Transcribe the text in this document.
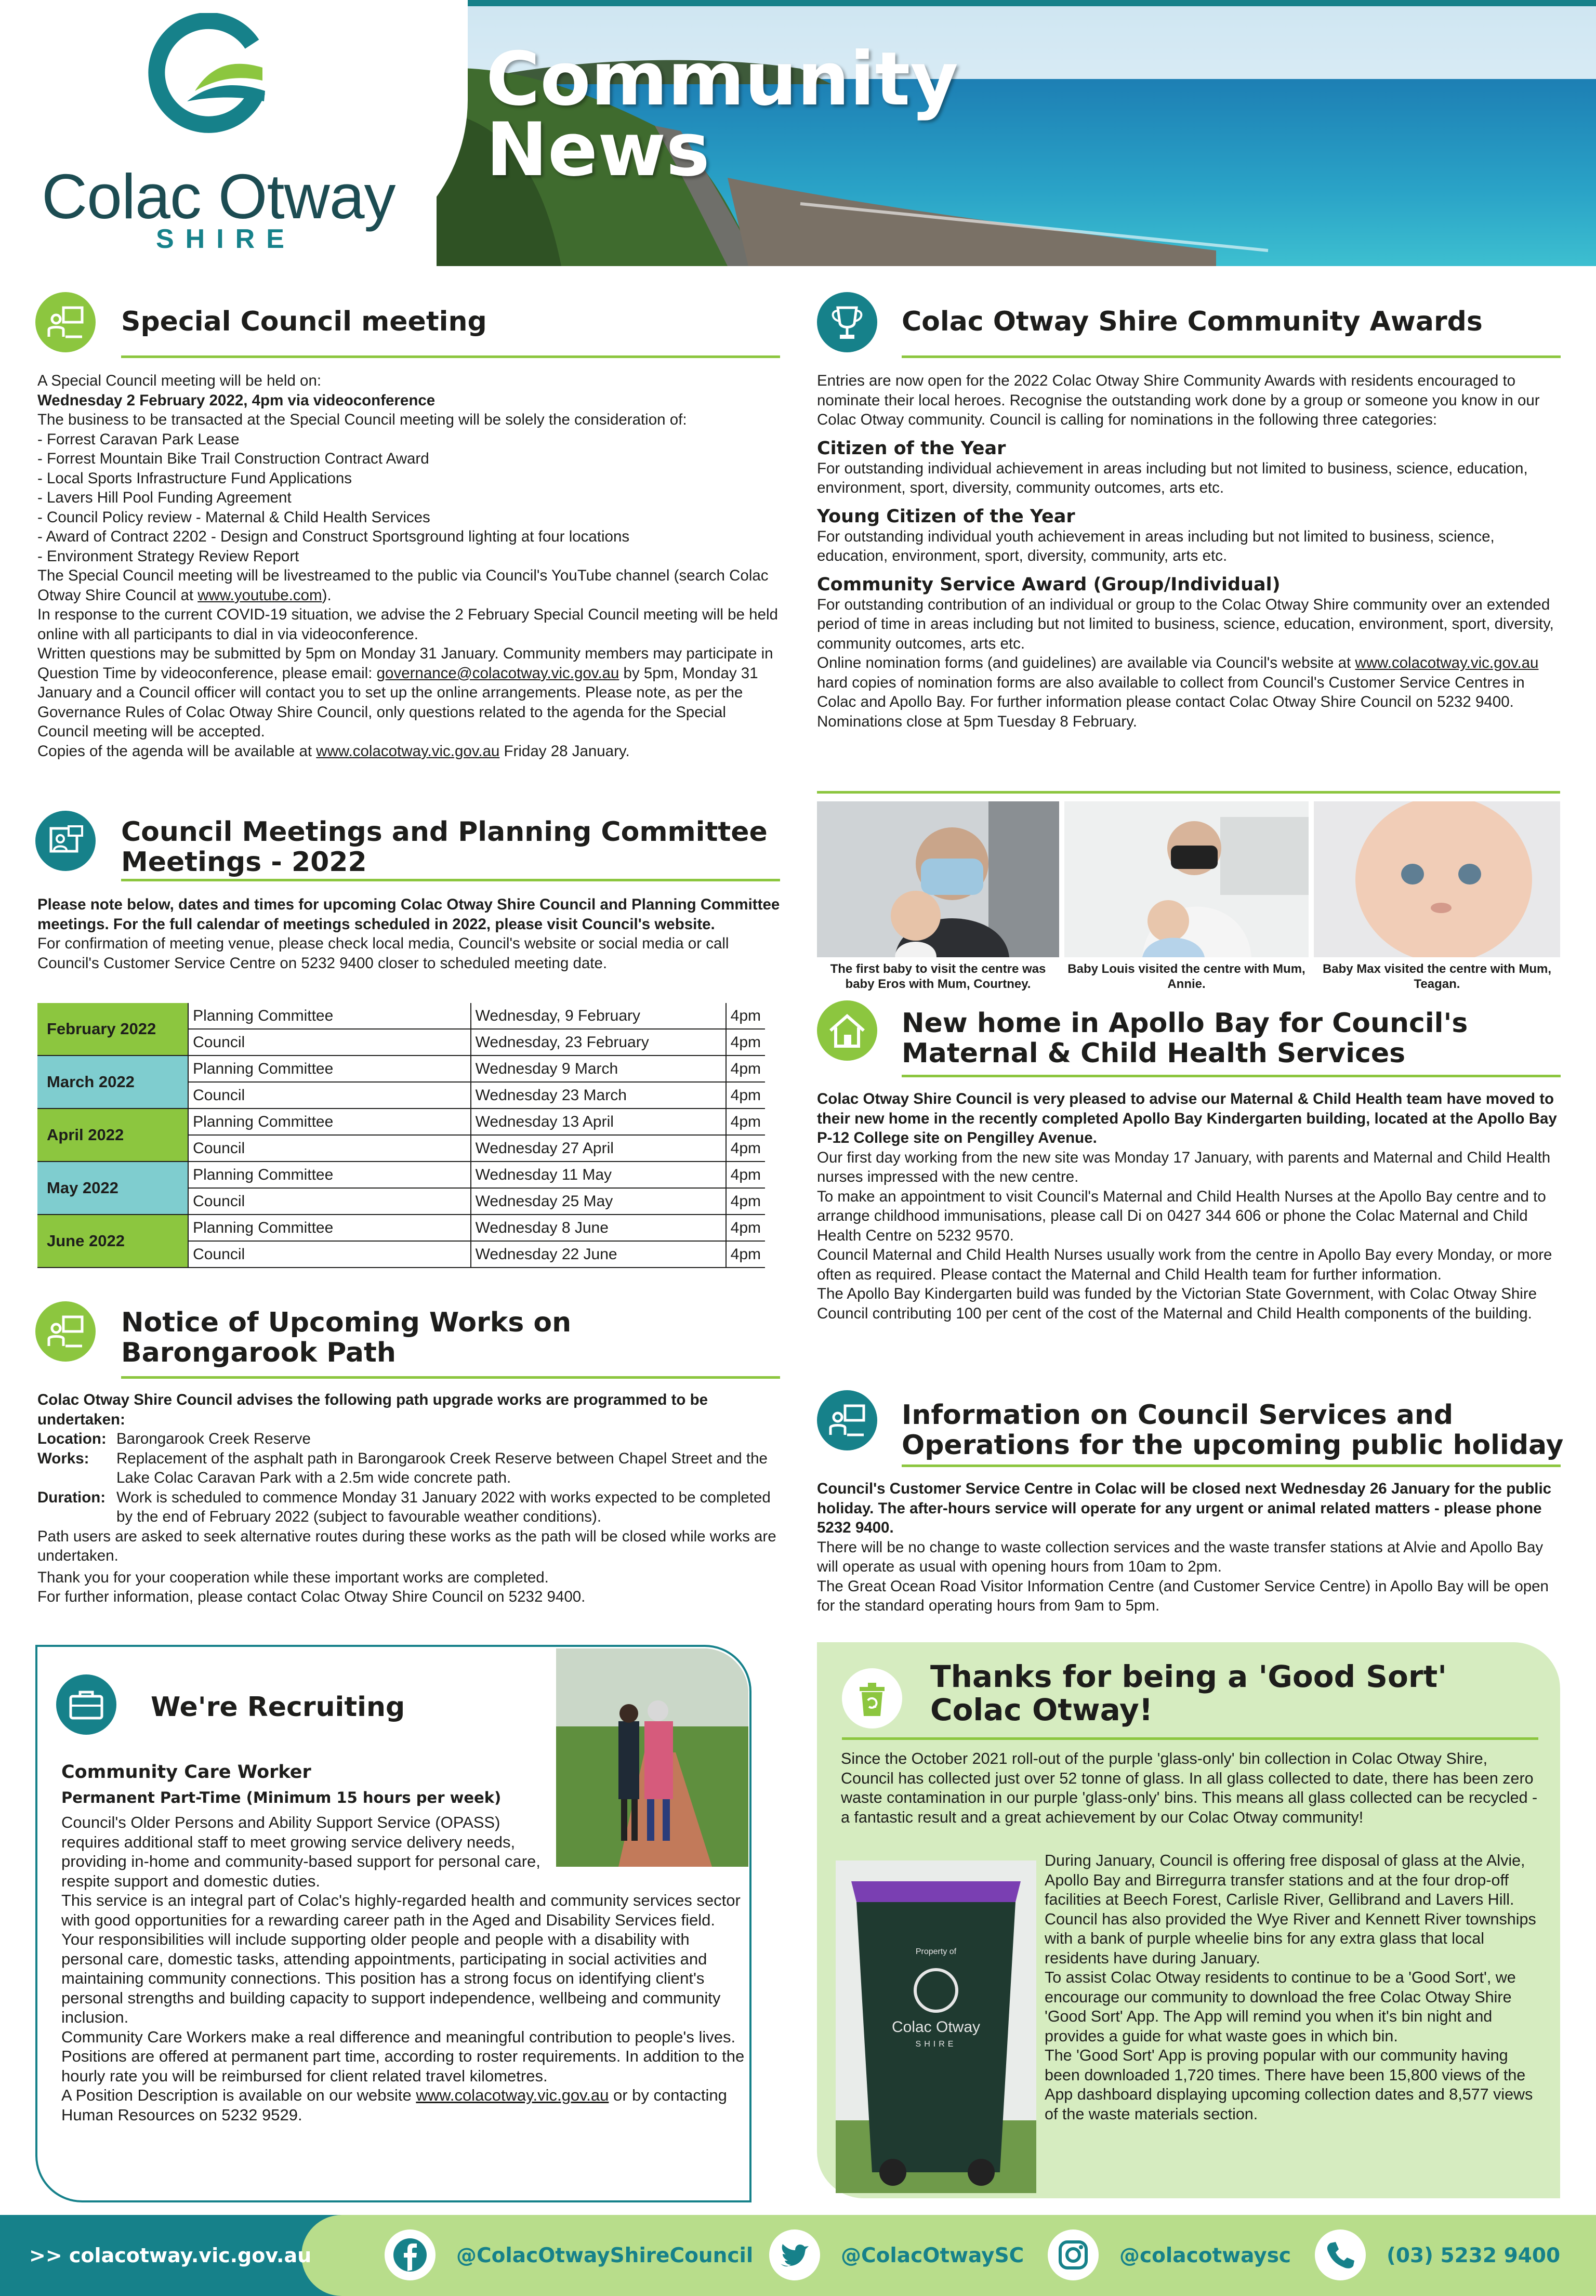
Colac Otway
SHIRE
Community
News
Special Council meeting

A Special Council meeting will be held on:

Wednesday 2 February 2022, 4pm via videoconference

The business to be transacted at the Special Council meeting will be solely the consideration of:

- Forrest Caravan Park Lease

- Forrest Mountain Bike Trail Construction Contract Award

- Local Sports Infrastructure Fund Applications

- Lavers Hill Pool Funding Agreement

- Council Policy review - Maternal & Child Health Services

- Award of Contract 2202 - Design and Construct Sportsground lighting at four locations

- Environment Strategy Review Report

The Special Council meeting will be livestreamed to the public via Council's YouTube channel (search Colac Otway Shire Council at www.youtube.com).

In response to the current COVID-19 situation, we advise the 2 February Special Council meeting will be held online with all participants to dial in via videoconference.

Written questions may be submitted by 5pm on Monday 31 January. Community members may participate in Question Time by videoconference, please email: governance@colacotway.vic.gov.au by 5pm, Monday 31 January and a Council officer will contact you to set up the online arrangements. Please note, as per the Governance Rules of Colac Otway Shire Council, only questions related to the agenda for the Special Council meeting will be accepted.

Copies of the agenda will be available at www.colacotway.vic.gov.au Friday 28 January.

Council Meetings and Planning Committee
Meetings - 2022

Please note below, dates and times for upcoming Colac Otway Shire Council and Planning Committee meetings. For the full calendar of meetings scheduled in 2022, please visit Council's website.

For confirmation of meeting venue, please check local media, Council's website or social media or call Council's Customer Service Centre on 5232 9400 closer to scheduled meeting date.

February 2022	Planning Committee	Wednesday, 9 February	4pm
	Council	Wednesday, 23 February	4pm
March 2022	Planning Committee	Wednesday 9 March	4pm
	Council	Wednesday 23 March	4pm
April 2022	Planning Committee	Wednesday 13 April	4pm
	Council	Wednesday 27 April	4pm
May 2022	Planning Committee	Wednesday 11 May	4pm
	Council	Wednesday 25 May	4pm
June 2022	Planning Committee	Wednesday 8 June	4pm
	Council	Wednesday 22 June	4pm
Notice of Upcoming Works on
Barongarook Path

Colac Otway Shire Council advises the following path upgrade works are programmed to be undertaken:

Location: Barongarook Creek Reserve
Works:	Replacement of the asphalt path in Barongarook Creek Reserve between Chapel Street and the Lake Colac Caravan Park with a 2.5m wide concrete path.
Duration: Work is scheduled to commence Monday 31 January 2022 with works expected to be completed by the end of February 2022 (subject to favourable weather conditions).

Path users are asked to seek alternative routes during these works as the path will be closed while works are undertaken.

Thank you for your cooperation while these important works are completed.

For further information, please contact Colac Otway Shire Council on 5232 9400.

We're Recruiting
Community Care Worker
Permanent Part-Time (Minimum 15 hours per week)
Council's Older Persons and Ability Support Service (OPASS) requires additional staff to meet growing service delivery needs, providing in-home and community-based support for personal care, respite support and domestic duties.

This service is an integral part of Colac's highly-regarded health and community services sector with good opportunities for a rewarding career path in the Aged and Disability Services field.

Your responsibilities will include supporting older people and people with a disability with personal care, domestic tasks, attending appointments, participating in social activities and maintaining community connections. This position has a strong focus on identifying client's personal strengths and building capacity to support independence, wellbeing and community inclusion.

Community Care Workers make a real difference and meaningful contribution to people's lives. Positions are offered at permanent part time, according to roster requirements. In addition to the hourly rate you will be reimbursed for client related travel kilometres.

A Position Description is available on our website www.colacotway.vic.gov.au or by contacting Human Resources on 5232 9529.

Colac Otway Shire Community Awards

Entries are now open for the 2022 Colac Otway Shire Community Awards with residents encouraged to nominate their local heroes. Recognise the outstanding work done by a group or someone you know in our Colac Otway community. Council is calling for nominations in the following three categories:

Citizen of the Year

For outstanding individual achievement in areas including but not limited to business, science, education, environment, sport, diversity, community outcomes, arts etc.

Young Citizen of the Year

For outstanding individual youth achievement in areas including but not limited to business, science, education, environment, sport, diversity, community, arts etc.

Community Service Award (Group/Individual)

For outstanding contribution of an individual or group to the Colac Otway Shire community over an extended period of time in areas including but not limited to business, science, education, environment, sport, diversity, community outcomes, arts etc.

Online nomination forms (and guidelines) are available via Council's website at www.colacotway.vic.gov.au hard copies of nomination forms are also available to collect from Council's Customer Service Centres in Colac and Apollo Bay. For further information please contact Colac Otway Shire Council on 5232 9400. Nominations close at 5pm Tuesday 8 February.

The first baby to visit the centre was baby Eros with Mum, Courtney.
Baby Louis visited the centre with Mum, Annie.
Baby Max visited the centre with Mum, Teagan.
New home in Apollo Bay for Council's
Maternal & Child Health Services

Colac Otway Shire Council is very pleased to advise our Maternal & Child Health team have moved to their new home in the recently completed Apollo Bay Kindergarten building, located at the Apollo Bay P-12 College site on Pengilley Avenue.

Our first day working from the new site was Monday 17 January, with parents and Maternal and Child Health nurses impressed with the new centre.

To make an appointment to visit Council's Maternal and Child Health Nurses at the Apollo Bay centre and to arrange childhood immunisations, please call Di on 0427 344 606 or phone the Colac Maternal and Child Health Centre on 5232 9570.

Council Maternal and Child Health Nurses usually work from the centre in Apollo Bay every Monday, or more often as required. Please contact the Maternal and Child Health team for further information.

The Apollo Bay Kindergarten build was funded by the Victorian State Government, with Colac Otway Shire Council contributing 100 per cent of the cost of the Maternal and Child Health components of the building.

Information on Council Services and
Operations for the upcoming public holiday

Council's Customer Service Centre in Colac will be closed next Wednesday 26 January for the public holiday. The after-hours service will operate for any urgent or animal related matters - please phone 5232 9400.

There will be no change to waste collection services and the waste transfer stations at Alvie and Apollo Bay will operate as usual with opening hours from 10am to 2pm.

The Great Ocean Road Visitor Information Centre (and Customer Service Centre) in Apollo Bay will be open for the standard operating hours from 9am to 5pm.

Thanks for being a 'Good Sort'
Colac Otway!
Since the October 2021 roll-out of the purple 'glass-only' bin collection in Colac Otway Shire, Council has collected just over 52 tonne of glass. In all glass collected to date, there has been zero waste contamination in our purple 'glass-only' bins. This means all glass collected can be recycled - a fantastic result and a great achievement by our Colac Otway community!
Property of
Colac Otway
SHIRE

During January, Council is offering free disposal of glass at the Alvie, Apollo Bay and Birregurra transfer stations and at the four drop-off facilities at Beech Forest, Carlisle River, Gellibrand and Lavers Hill. Council has also provided the Wye River and Kennett River townships with a bank of purple wheelie bins for any extra glass that local residents have during January.

To assist Colac Otway residents to continue to be a 'Good Sort', we encourage our community to download the free Colac Otway Shire 'Good Sort' App. The App will remind you when it's bin night and provides a guide for what waste goes in which bin.

The 'Good Sort' App is proving popular with our community having been downloaded 1,720 times. There have been 15,800 views of the App dashboard displaying upcoming collection dates and 8,577 views of the waste materials section.

>> colacotway.vic.gov.au	@ColacOtwayShireCouncil	@ColacOtwaySC	@colacotwaysc	(03) 5232 9400
